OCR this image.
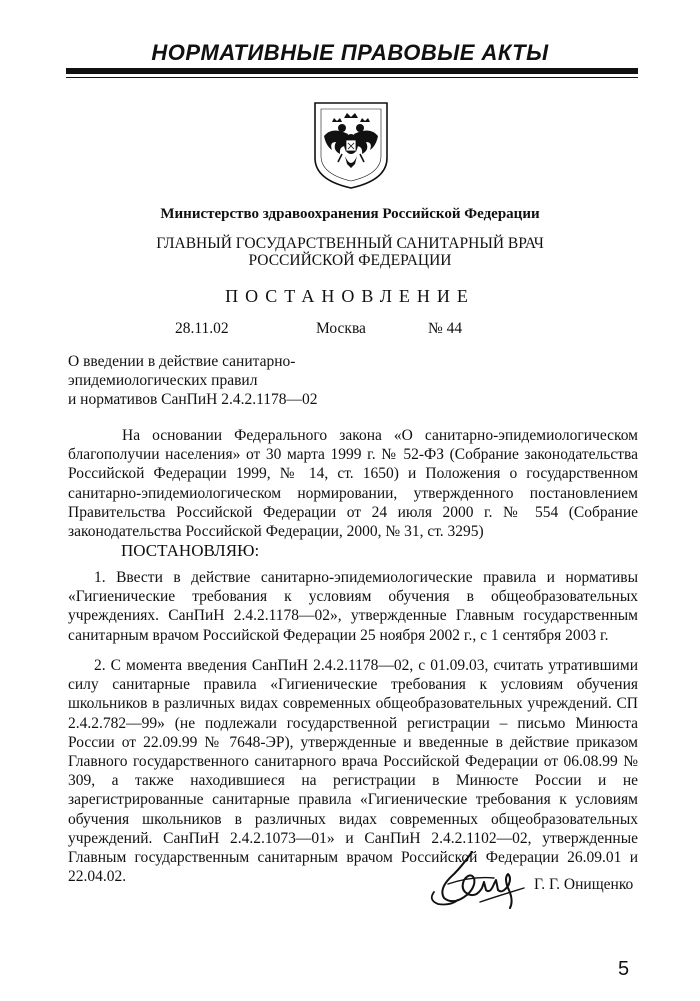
НОРМАТИВНЫЕ ПРАВОВЫЕ АКТЫ
Министерство здравоохранения Российской Федерации
ГЛАВНЫЙ ГОСУДАРСТВЕННЫЙ САНИТАРНЫЙ ВРАЧ
РОССИЙСКОЙ ФЕДЕРАЦИИ
ПОСТАНОВЛЕНИЕ
28.11.02	Москва	№ 44
О введении в действие санитарно-
эпидемиологических правил
и нормативов СанПиН 2.4.2.1178—02
На основании Федерального закона «О санитарно-эпидемиологическом благополучии населения» от 30 марта 1999 г. № 52-ФЗ (Собрание законодательства Российской Федерации 1999, № 14, ст. 1650) и Положения о государственном санитарно-эпидемиологическом нормировании, утвержденного постановлением Правительства Российской Федерации от 24 июля 2000 г. № 554 (Собрание законодательства Российской Федерации, 2000, № 31, ст. 3295)
ПОСТАНОВЛЯЮ:
1. Ввести в действие санитарно-эпидемиологические правила и нормативы «Гигиенические требования к условиям обучения в общеобразовательных учреждениях. СанПиН 2.4.2.1178—02», утвержденные Главным государственным санитарным врачом Российской Федерации 25 ноября 2002 г., с 1 сентября 2003 г.
2. С момента введения СанПиН 2.4.2.1178—02, с 01.09.03, считать утратившими силу санитарные правила «Гигиенические требования к условиям обучения школьников в различных видах современных общеобразовательных учреждений. СП 2.4.2.782—99» (не подлежали государственной регистрации – письмо Минюста России от 22.09.99 № 7648-ЭР), утвержденные и введенные в действие приказом Главного государственного санитарного врача Российской Федерации от 06.08.99 № 309, а также находившиеся на регистрации в Минюсте России и не зарегистрированные санитарные правила «Гигиенические требования к условиям обучения школьников в различных видах современных общеобразовательных учреждений. СанПиН 2.4.2.1073—01» и СанПиН 2.4.2.1102—02, утвержденные Главным государственным санитарным врачом Российской Федерации 26.09.01 и 22.04.02.	Г. Г. Онищенко
5
